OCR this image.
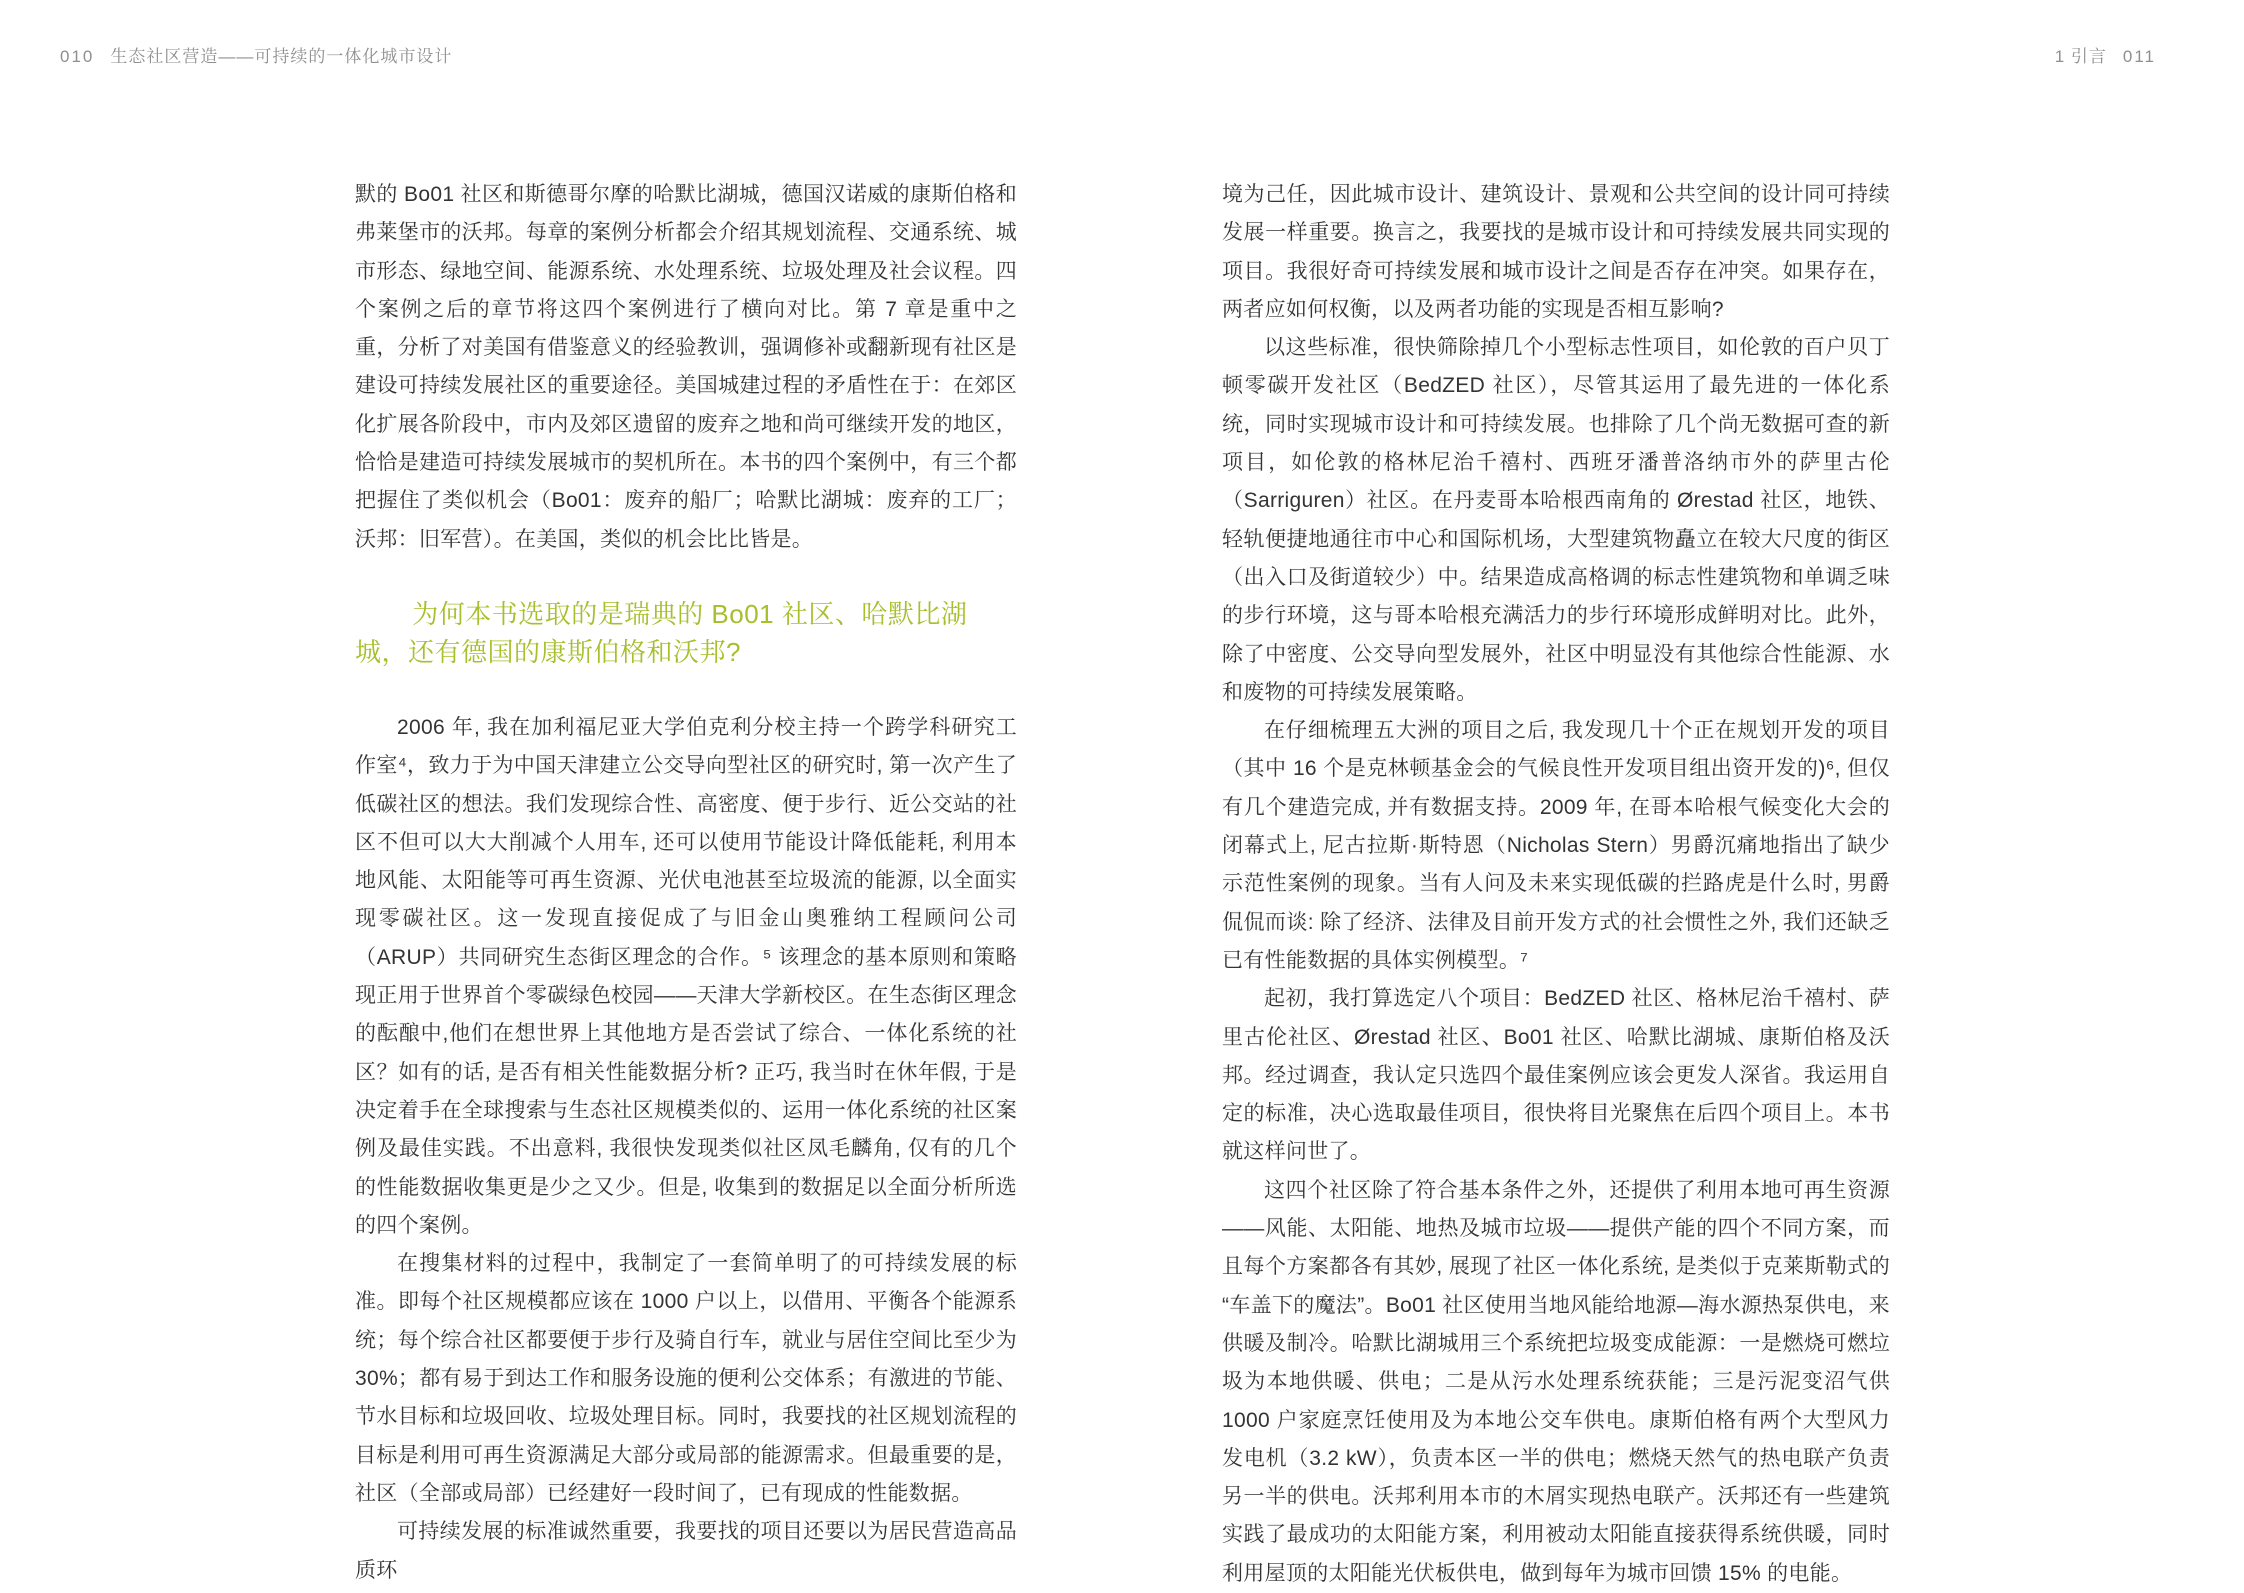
010 生态社区营造——可持续的一体化城市设计	1 引言 011

默的 Bo01 社区和斯德哥尔摩的哈默比湖城，德国汉诺威的康斯伯格和弗莱堡市的沃邦。每章的案例分析都会介绍其规划流程、交通系统、城市形态、绿地空间、能源系统、水处理系统、垃圾处理及社会议程。四个案例之后的章节将这四个案例进行了横向对比。第 7 章是重中之重，分析了对美国有借鉴意义的经验教训，强调修补或翻新现有社区是建设可持续发展社区的重要途径。美国城建过程的矛盾性在于：在郊区化扩展各阶段中，市内及郊区遗留的废弃之地和尚可继续开发的地区，恰恰是建造可持续发展城市的契机所在。本书的四个案例中，有三个都把握住了类似机会（Bo01：废弃的船厂；哈默比湖城：废弃的工厂；沃邦：旧军营）。在美国，类似的机会比比皆是。

为何本书选取的是瑞典的 Bo01 社区、哈默比湖城，还有德国的康斯伯格和沃邦?

2006 年, 我在加利福尼亚大学伯克利分校主持一个跨学科研究工作室⁴，致力于为中国天津建立公交导向型社区的研究时, 第一次产生了低碳社区的想法。我们发现综合性、高密度、便于步行、近公交站的社区不但可以大大削减个人用车, 还可以使用节能设计降低能耗, 利用本地风能、太阳能等可再生资源、光伏电池甚至垃圾流的能源, 以全面实现零碳社区。这一发现直接促成了与旧金山奥雅纳工程顾问公司（ARUP）共同研究生态街区理念的合作。⁵ 该理念的基本原则和策略现正用于世界首个零碳绿色校园——天津大学新校区。在生态街区理念的酝酿中,他们在想世界上其他地方是否尝试了综合、一体化系统的社区？如有的话, 是否有相关性能数据分析? 正巧, 我当时在休年假, 于是决定着手在全球搜索与生态社区规模类似的、运用一体化系统的社区案例及最佳实践。不出意料, 我很快发现类似社区凤毛麟角, 仅有的几个的性能数据收集更是少之又少。但是, 收集到的数据足以全面分析所选的四个案例。

在搜集材料的过程中，我制定了一套简单明了的可持续发展的标准。即每个社区规模都应该在 1000 户以上，以借用、平衡各个能源系统；每个综合社区都要便于步行及骑自行车，就业与居住空间比至少为 30%；都有易于到达工作和服务设施的便利公交体系；有激进的节能、节水目标和垃圾回收、垃圾处理目标。同时，我要找的社区规划流程的目标是利用可再生资源满足大部分或局部的能源需求。但最重要的是，社区（全部或局部）已经建好一段时间了，已有现成的性能数据。

可持续发展的标准诚然重要，我要找的项目还要以为居民营造高品质环

境为己任，因此城市设计、建筑设计、景观和公共空间的设计同可持续发展一样重要。换言之，我要找的是城市设计和可持续发展共同实现的项目。我很好奇可持续发展和城市设计之间是否存在冲突。如果存在，两者应如何权衡，以及两者功能的实现是否相互影响?

以这些标准，很快筛除掉几个小型标志性项目，如伦敦的百户贝丁顿零碳开发社区（BedZED 社区），尽管其运用了最先进的一体化系统，同时实现城市设计和可持续发展。也排除了几个尚无数据可查的新项目，如伦敦的格林尼治千禧村、西班牙潘普洛纳市外的萨里古伦（Sarriguren）社区。在丹麦哥本哈根西南角的 Ørestad 社区，地铁、轻轨便捷地通往市中心和国际机场，大型建筑物矗立在较大尺度的街区（出入口及街道较少）中。结果造成高格调的标志性建筑物和单调乏味的步行环境，这与哥本哈根充满活力的步行环境形成鲜明对比。此外，除了中密度、公交导向型发展外，社区中明显没有其他综合性能源、水和废物的可持续发展策略。

在仔细梳理五大洲的项目之后, 我发现几十个正在规划开发的项目（其中 16 个是克林顿基金会的气候良性开发项目组出资开发的)⁶, 但仅有几个建造完成, 并有数据支持。2009 年, 在哥本哈根气候变化大会的闭幕式上, 尼古拉斯·斯特恩（Nicholas Stern）男爵沉痛地指出了缺少示范性案例的现象。当有人问及未来实现低碳的拦路虎是什么时, 男爵侃侃而谈: 除了经济、法律及目前开发方式的社会惯性之外, 我们还缺乏已有性能数据的具体实例模型。⁷

起初，我打算选定八个项目：BedZED 社区、格林尼治千禧村、萨里古伦社区、Ørestad 社区、Bo01 社区、哈默比湖城、康斯伯格及沃邦。经过调查，我认定只选四个最佳案例应该会更发人深省。我运用自定的标准，决心选取最佳项目，很快将目光聚焦在后四个项目上。本书就这样问世了。

这四个社区除了符合基本条件之外，还提供了利用本地可再生资源——风能、太阳能、地热及城市垃圾——提供产能的四个不同方案，而且每个方案都各有其妙, 展现了社区一体化系统, 是类似于克莱斯勒式的“车盖下的魔法”。Bo01 社区使用当地风能给地源—海水源热泵供电，来供暖及制冷。哈默比湖城用三个系统把垃圾变成能源：一是燃烧可燃垃圾为本地供暖、供电；二是从污水处理系统获能；三是污泥变沼气供 1000 户家庭烹饪使用及为本地公交车供电。康斯伯格有两个大型风力发电机（3.2 kW），负责本区一半的供电；燃烧天然气的热电联产负责另一半的供电。沃邦利用本市的木屑实现热电联产。沃邦还有一些建筑实践了最成功的太阳能方案，利用被动太阳能直接获得系统供暖，同时利用屋顶的太阳能光伏板供电，做到每年为城市回馈 15% 的电能。
